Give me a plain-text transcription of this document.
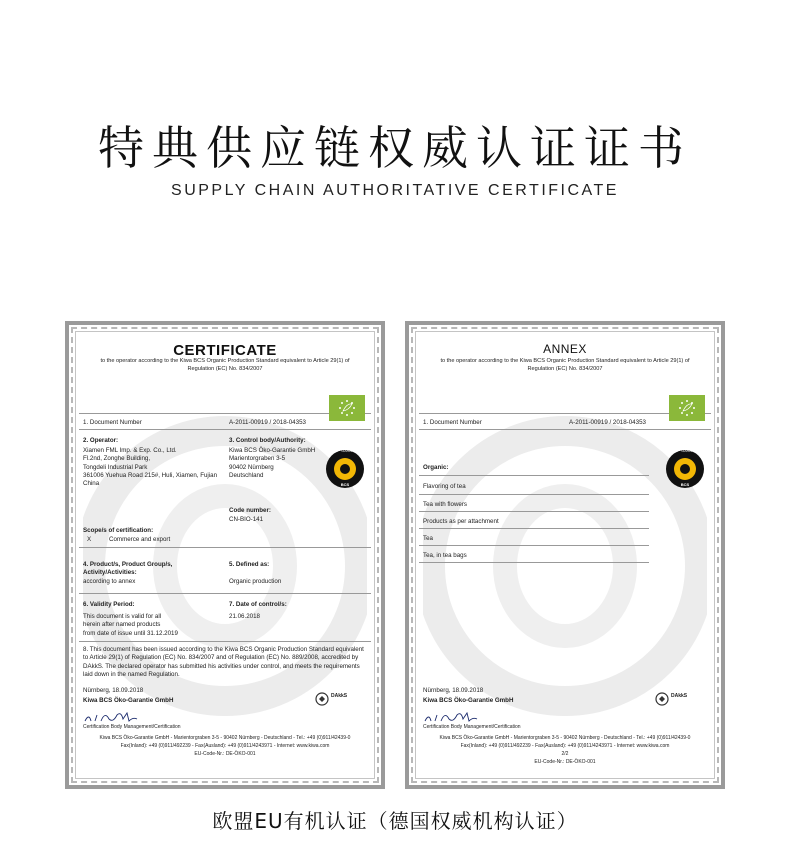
特典供应链权威认证证书
SUPPLY CHAIN AUTHORITATIVE CERTIFICATE
CERTIFICATE
to the operator according to the Kiwa BCS Organic Production Standard equivalent to Article 29(1) of Regulation (EC) No. 834/2007
1. Document Number	A-2011-00919 / 2018-04353
2. Operator:
Xiamen FML Imp. & Exp. Co., Ltd.
Fl.2nd, Zonghe Building,
Tongdeli Industrial Park
361006 Yuehua Road 215#, Huli, Xiamen, Fujian
China
3. Control body/Authority:
Kiwa BCS Öko-Garantie GmbH
Marientorgraben 3-5
90402 Nürnberg
Deutschland
ÖKO · GARANTIE
BCS
Code number:
CN-BIO-141
Scope/s of certification:
X	Commerce and export
4. Product/s, Product Group/s, Activity/Activities:
according to annex
5. Defined as:
Organic production
6. Validity Period:
This document is valid for all
herein after named products
from date of issue until 31.12.2019
7. Date of control/s:
21.06.2018
8. This document has been issued according to the Kiwa BCS Organic Production Standard equivalent to Article 29(1) of Regulation (EC) No. 834/2007 and of Regulation (EC) No. 889/2008, accredited by DAkkS. The declared operator has submitted his activities under control, and meets the requirements laid down in the named Regulation.
Nürnberg, 18.09.2018
Kiwa BCS Öko-Garantie GmbH
DAkkS
Certification Body Management/Certification
Kiwa BCS Öko-Garantie GmbH - Marientorgraben 3-5 - 90402 Nürnberg - Deutschland - Tel.: +49 (0)911/42439-0
Fax(Inland): +49 (0)911/492239 - Fax(Ausland): +49 (0)911/4243971 - Internet: www.kiwa.com
EU-Code-Nr.: DE-ÖKO-001
ANNEX
to the operator according to the Kiwa BCS Organic Production Standard equivalent to Article 29(1) of Regulation (EC) No. 834/2007
1. Document Number	A-2011-00919 / 2018-04353
ÖKO · GARANTIE
BCS
Organic:
Flavoring of tea
Tea with flowers
Products as per attachment
Tea
Tea, in tea bags
Nürnberg, 18.09.2018
Kiwa BCS Öko-Garantie GmbH
DAkkS
Certification Body Management/Certification
Kiwa BCS Öko-Garantie GmbH - Marientorgraben 3-5 - 90402 Nürnberg - Deutschland - Tel.: +49 (0)911/42439-0
Fax(Inland): +49 (0)911/492239 - Fax(Ausland): +49 (0)911/4243971 - Internet: www.kiwa.com
2/2
EU-Code-Nr.: DE-ÖKO-001
欧盟EU有机认证（德国权威机构认证）
